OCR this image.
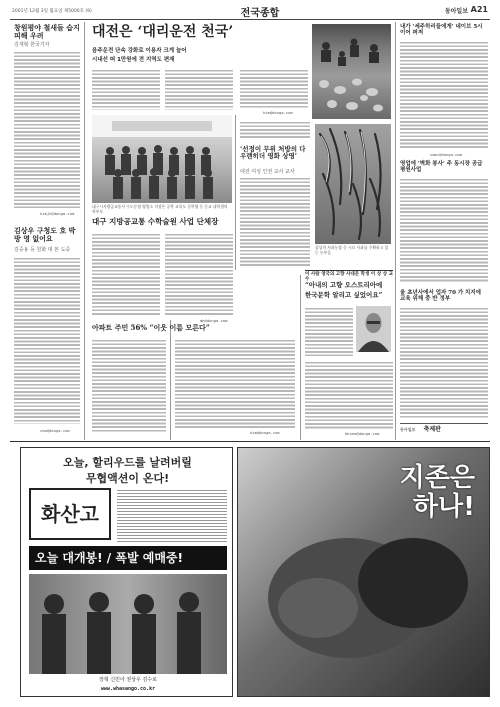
2001년 12월 3일 월요일 제5000호 (9)	전국종합	동아일보 A21
창원평야 철새들 습지 피해 우려
김재형 한국기자
kimjh@donga.com
김상우 구청도 호 박 방 영 없어요
김중용 등 원화 대 본 도중
cmo@donga.com
대전은 ‘대리운전 천국’
음주운전 단속 강화로 이용자 크게 늘어
시내선 떠 1만원에 전 지역도 편재
kim@donga.com
대구시지방공교통사 수도동영 영업소 지장은 공학 교육도 중학영 등 등교 대학생의 학부모
대구 지방공교통 수학술원 사업 단체장
mh@donga.com
아파트 주민 56% “이웃 이름 모른다”
kim@donga.com
‘선정이 무위 처방의 다우렌히더 영화 상영’
대전 여성 인권 교사 교사
상상의 사과농장 등 시모 사과를 수확하고 있는 농부들
이 사람 영국의 고향 사대문 학생 이 상 상 교수
“아내의 고향 오스트리아에
한국문학 알리고 싶었어요”
bkseo@donga.com
내가 ‘세주하리들에게’ 네이브 5시 이어 퍼져
cmmi@donga.com
영업에 ‘벽화 봉사’ 주 동시장 공급 평원사업
울 초년사에서 업자 70 가 치지에 교육 위해 중 반 정부
동아일보 축제판
오늘, 할리우드를 날려버릴
무협액션이 온다!
화산고
오늘 대개봉! / 폭발 예매중!
장혁 신민아 권상우 김수로
www.whasango.co.kr
지존은
하나!
